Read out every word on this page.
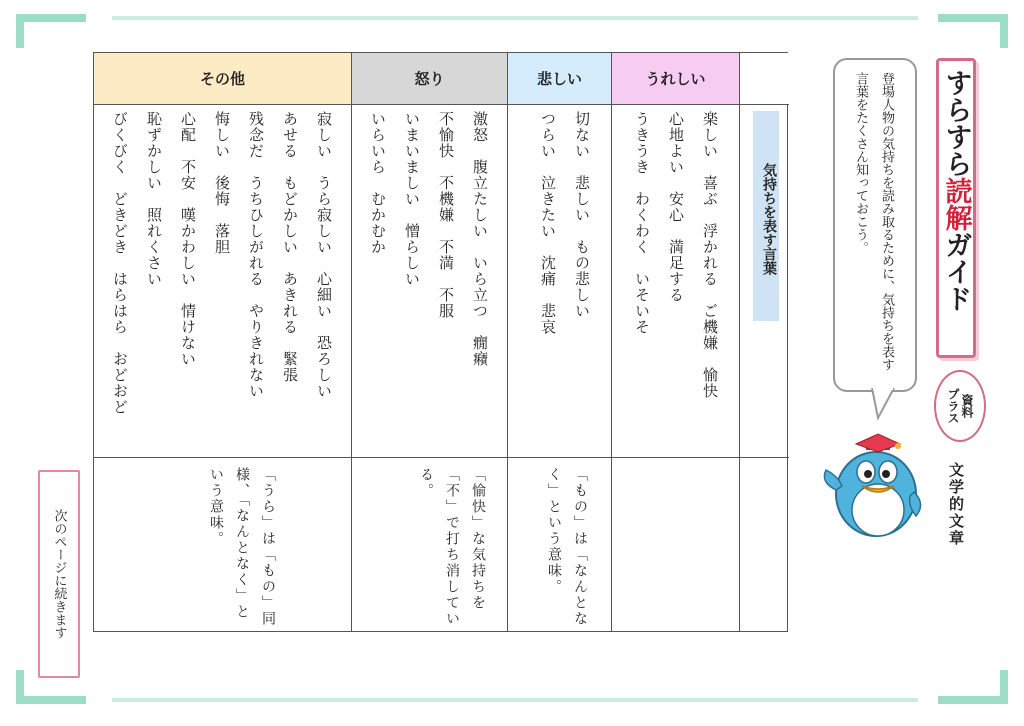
その他
寂しい　うら寂しい　心細い　恐ろしい
あせる　もどかしい　あきれる　緊張
残念だ　うちひしがれる　やりきれない
悔しい　後悔　落胆
心配　不安　嘆かわしい　情けない
恥ずかしい　照れくさい
びくびく　どきどき　はらはら　おどおど
「うら」は「もの」同様、「なんとなく」という意味。
怒り
激怒　腹立たしい　いら立つ　癇癪
不愉快　不機嫌　不満　不服
いまいましい　憎らしい
いらいら　むかむか
「愉快」な気持ちを「不」で打ち消している。
悲しい
切ない　悲しい　もの悲しい
つらい　泣きたい　沈痛　悲哀
「もの」は「なんとなく」という意味。
うれしい
楽しい　喜ぶ　浮かれる　ご機嫌　愉快
心地よい　安心　満足する
うきうき　わくわく　いそいそ	気持ちを表す言葉
次のページに続きます
登場人物の気持ちを読み取るために、気持ちを表す言葉をたくさん知っておこう。	すらすら読解ガイド
プラス 資料
文学的文章
